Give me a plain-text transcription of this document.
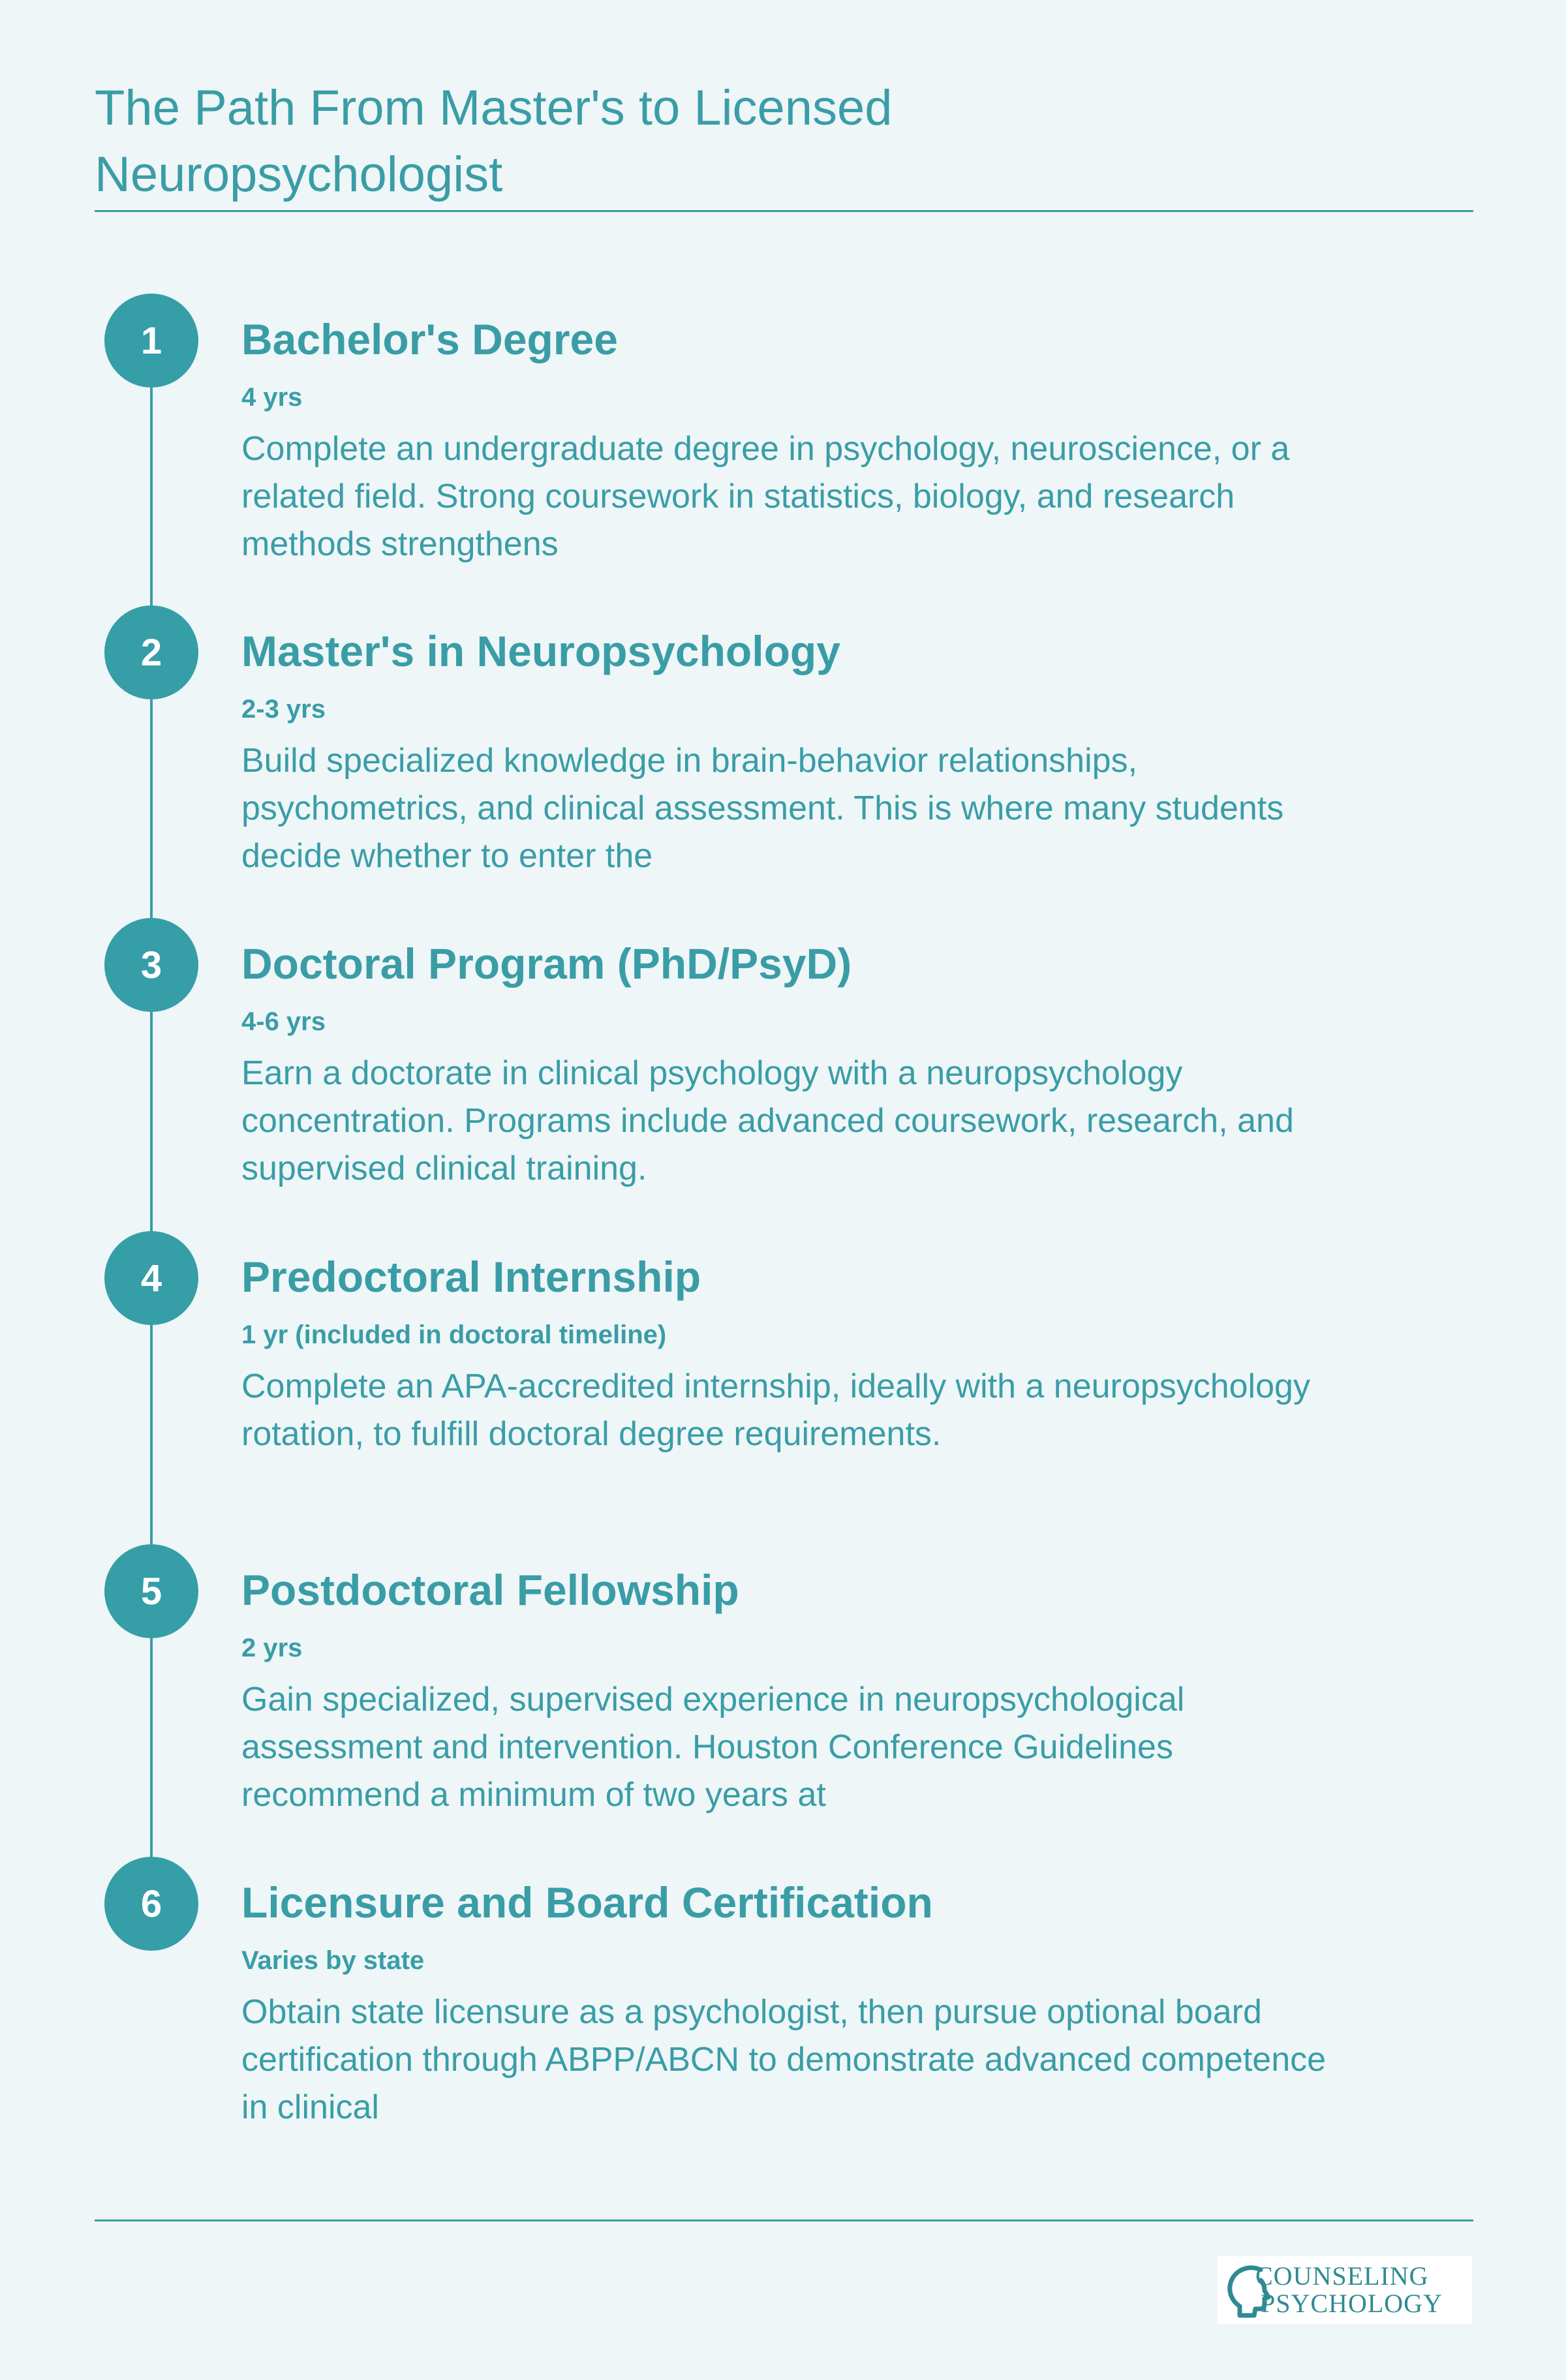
The Path From Master's to Licensed Neuropsychologist
1	Bachelor's Degree
4 yrs
Complete an undergraduate degree in psychology, neuroscience, or a related field. Strong coursework in statistics, biology, and research methods strengthens
2	Master's in Neuropsychology
2-3 yrs
Build specialized knowledge in brain-behavior relationships, psychometrics, and clinical assessment. This is where many students decide whether to enter the
3	Doctoral Program (PhD/PsyD)
4-6 yrs
Earn a doctorate in clinical psychology with a neuropsychology concentration. Programs include advanced coursework, research, and supervised clinical training.
4	Predoctoral Internship
1 yr (included in doctoral timeline)
Complete an APA-accredited internship, ideally with a neuropsychology rotation, to fulfill doctoral degree requirements.
5	Postdoctoral Fellowship
2 yrs
Gain specialized, supervised experience in neuropsychological assessment and intervention. Houston Conference Guidelines recommend a minimum of two years at
6	Licensure and Board Certification
Varies by state
Obtain state licensure as a psychologist, then pursue optional board certification through ABPP/ABCN to demonstrate advanced competence in clinical
COUNSELING
PSYCHOLOGY
